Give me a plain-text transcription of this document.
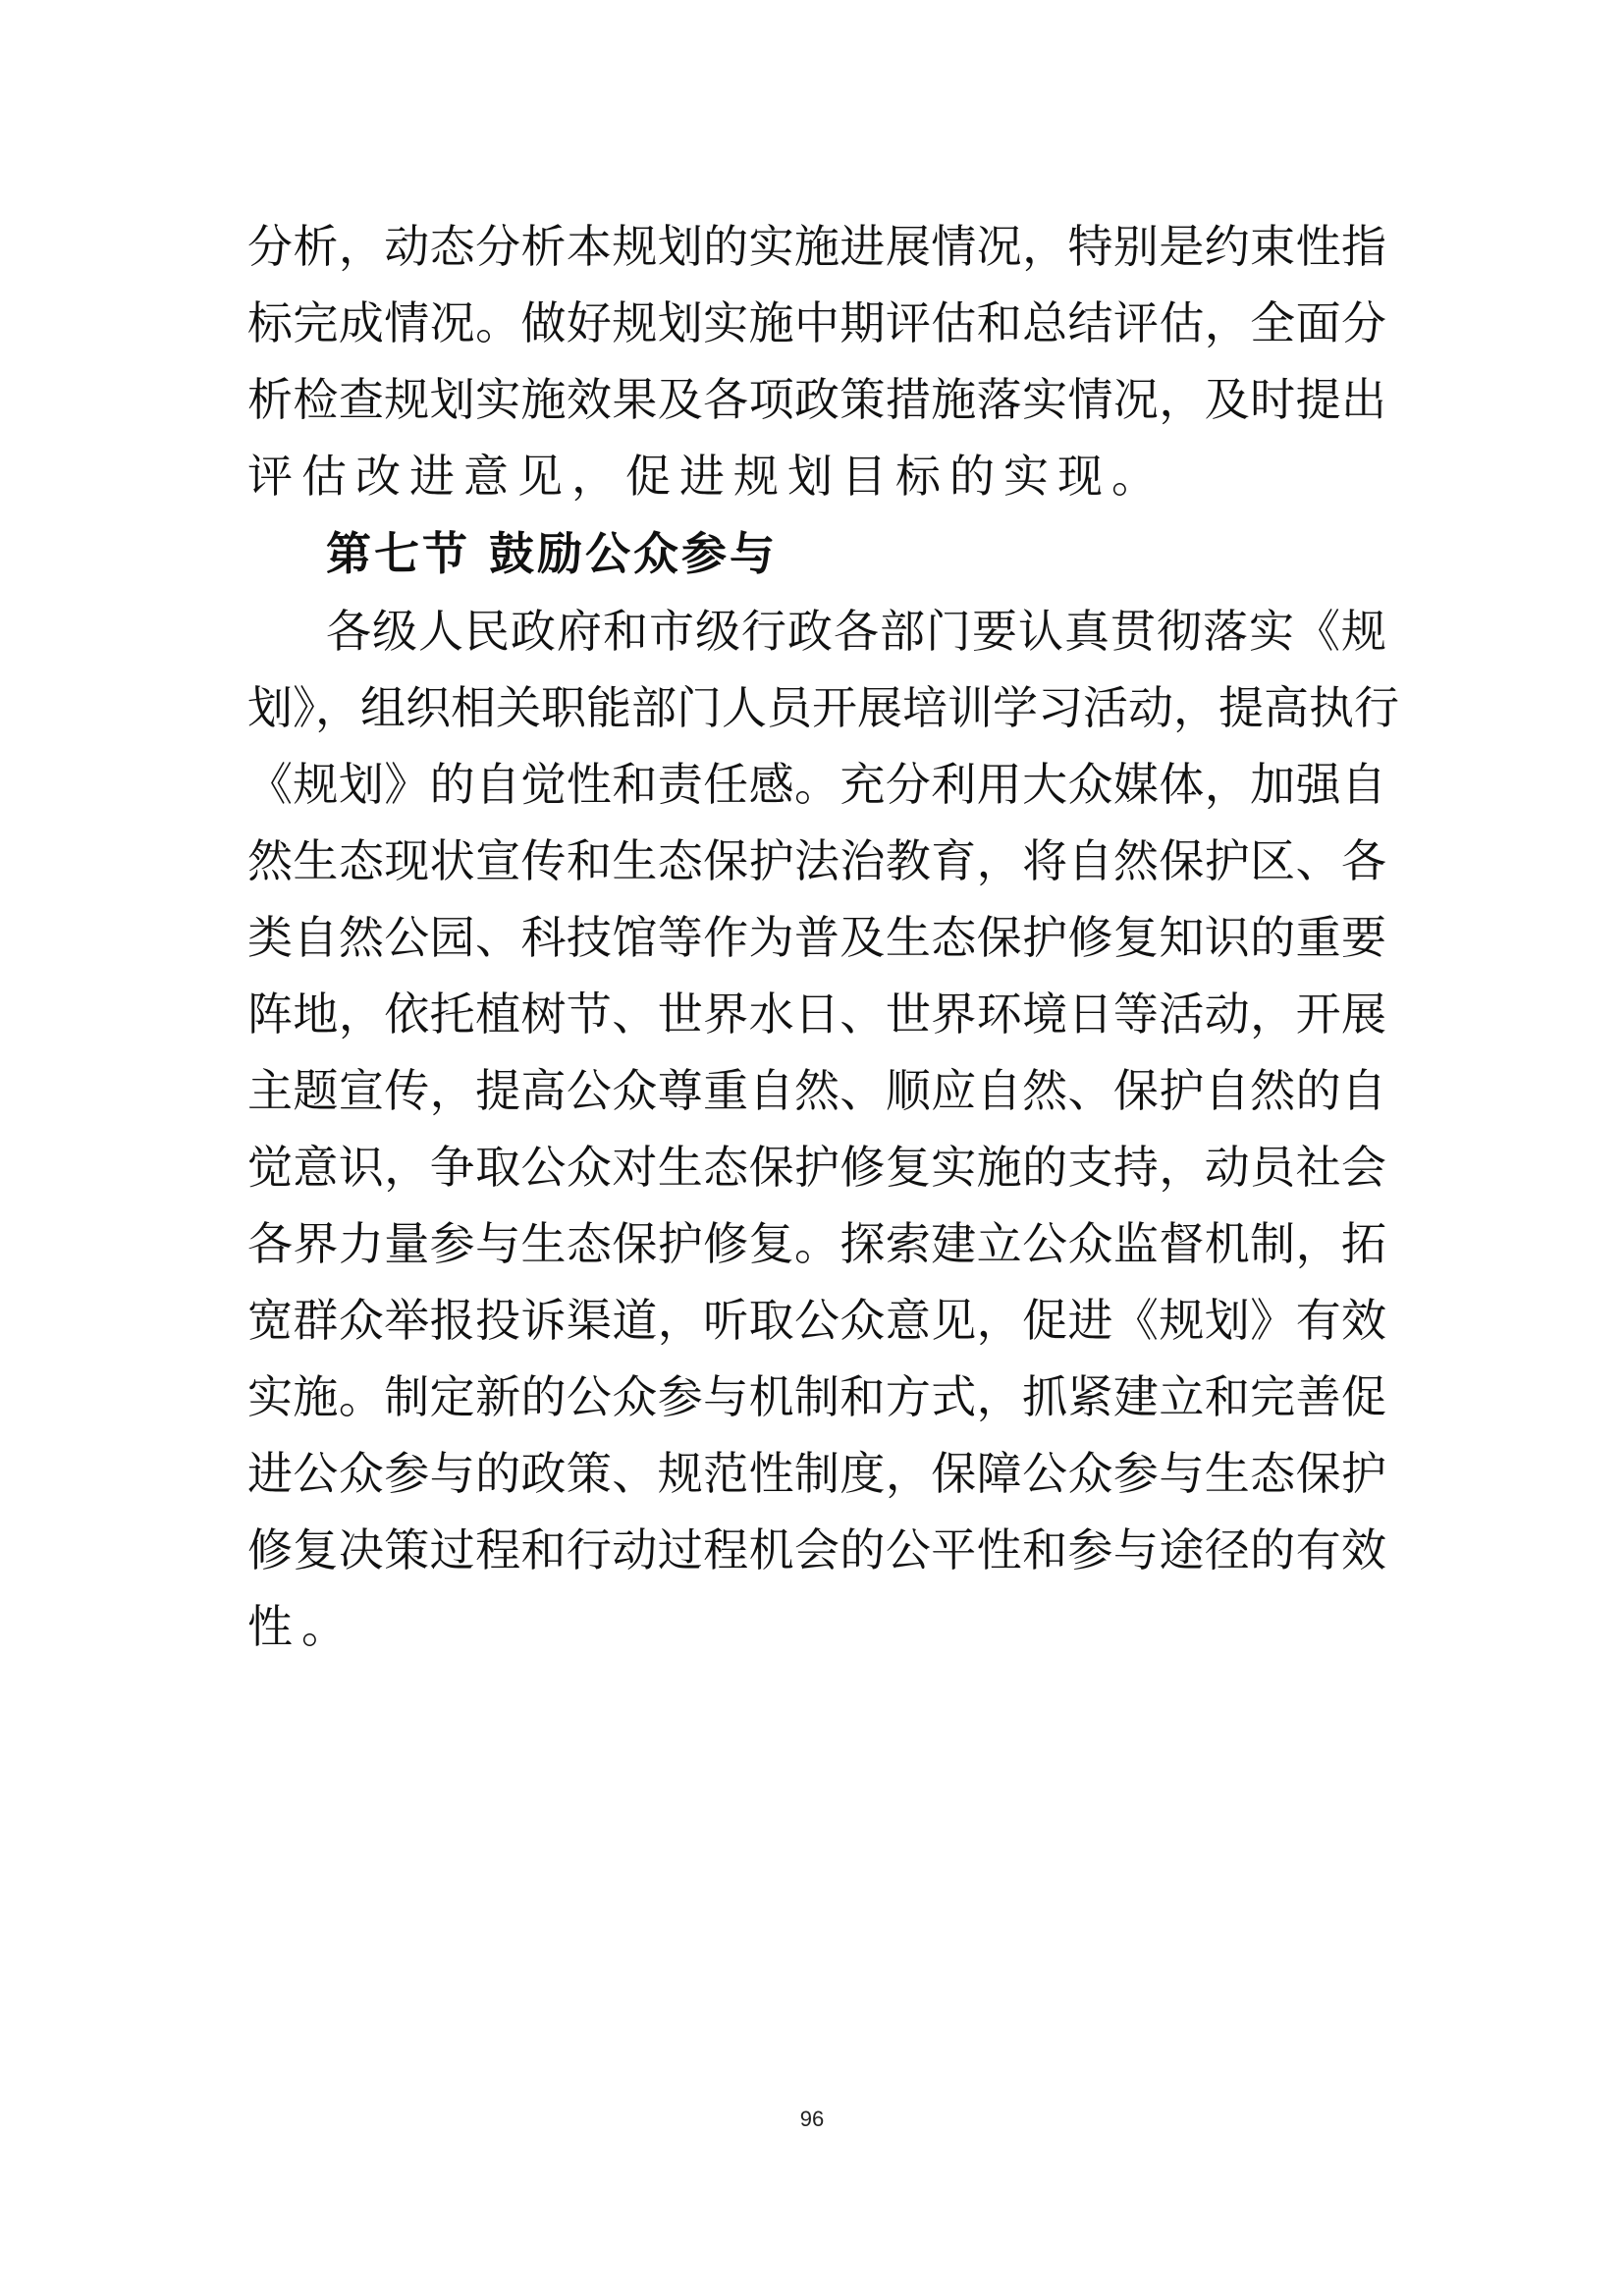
分析，动态分析本规划的实施进展情况，特别是约束性指
标完成情况。做好规划实施中期评估和总结评估，全面分
析检查规划实施效果及各项政策措施落实情况，及时提出
评估改进意见，促进规划目标的实现。
第七节 鼓励公众参与
各级人民政府和市级行政各部门要认真贯彻落实《规
划》，组织相关职能部门人员开展培训学习活动，提高执行
《规划》的自觉性和责任感。充分利用大众媒体，加强自
然生态现状宣传和生态保护法治教育，将自然保护区、各
类自然公园、科技馆等作为普及生态保护修复知识的重要
阵地，依托植树节、世界水日、世界环境日等活动，开展
主题宣传，提高公众尊重自然、顺应自然、保护自然的自
觉意识，争取公众对生态保护修复实施的支持，动员社会
各界力量参与生态保护修复。探索建立公众监督机制，拓
宽群众举报投诉渠道，听取公众意见，促进《规划》有效
实施。制定新的公众参与机制和方式，抓紧建立和完善促
进公众参与的政策、规范性制度，保障公众参与生态保护
修复决策过程和行动过程机会的公平性和参与途径的有效
性。
96
